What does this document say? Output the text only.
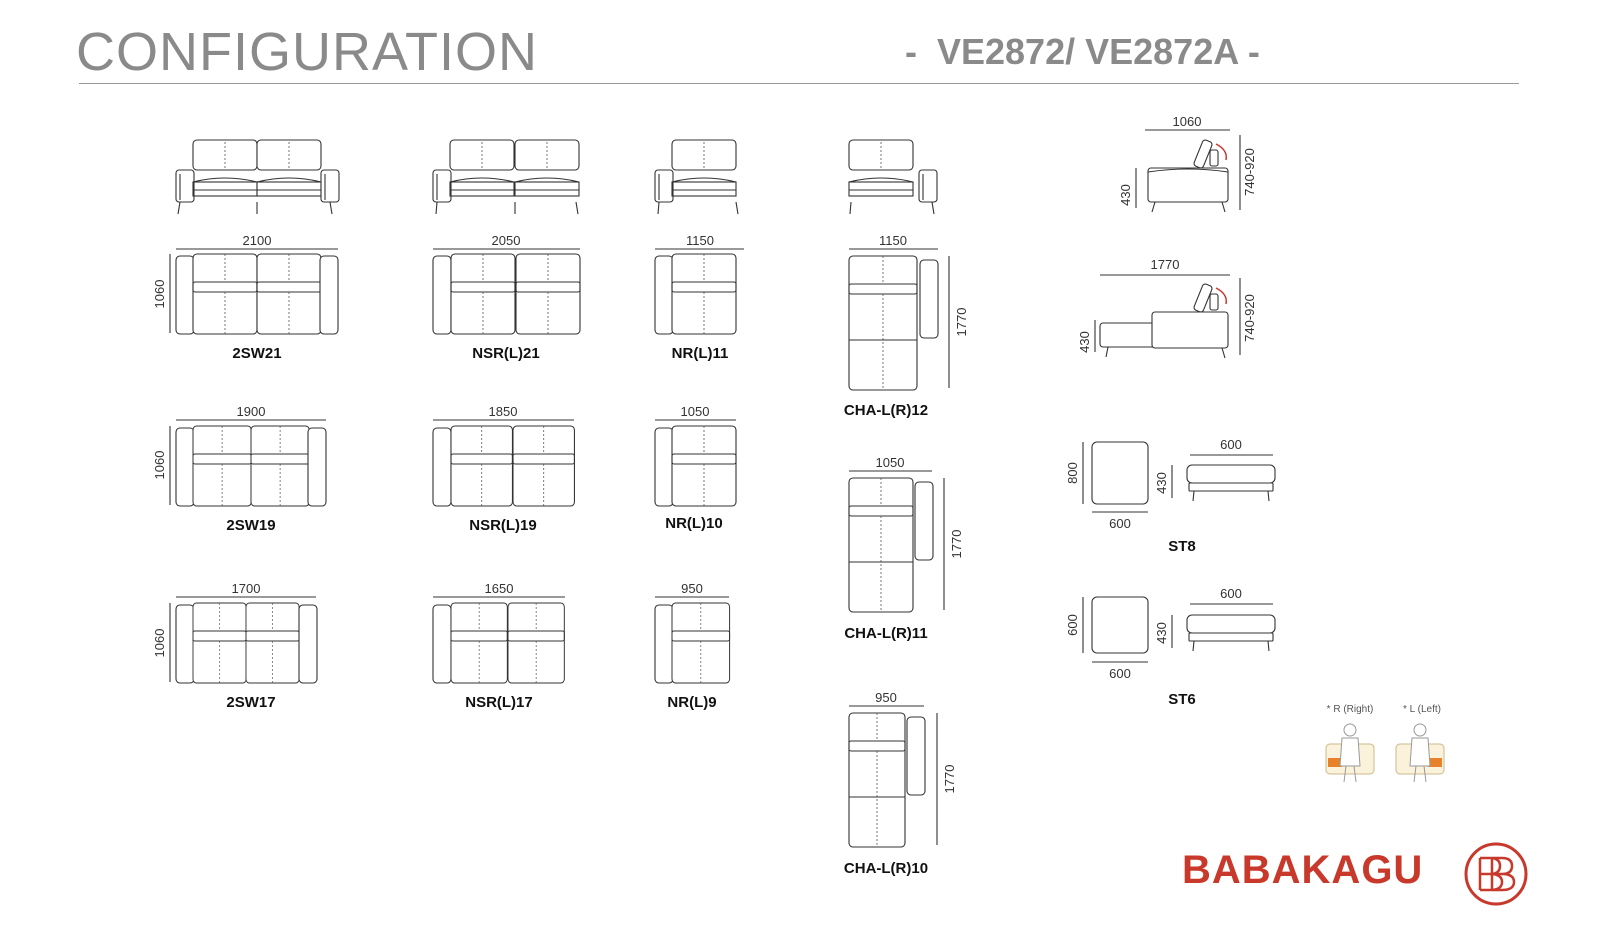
CONFIGURATION	-  VE2872/ VE2872A -
2100
1060
2SW21
2050
NSR(L)21
1150
NR(L)11
1150
1770
CHA-L(R)12
1900
1060
2SW19
1850
NSR(L)19
1050
NR(L)10
1050
1770
CHA-L(R)11
1700
1060
2SW17
1650
NSR(L)17
950
NR(L)9	950
1770
CHA-L(R)10
1060
740-920
430
1770
740-920
430
800
600
600
430
ST8
600
600
600
430
ST6
* R (Right)	* L (Left)
BABAKAGU
